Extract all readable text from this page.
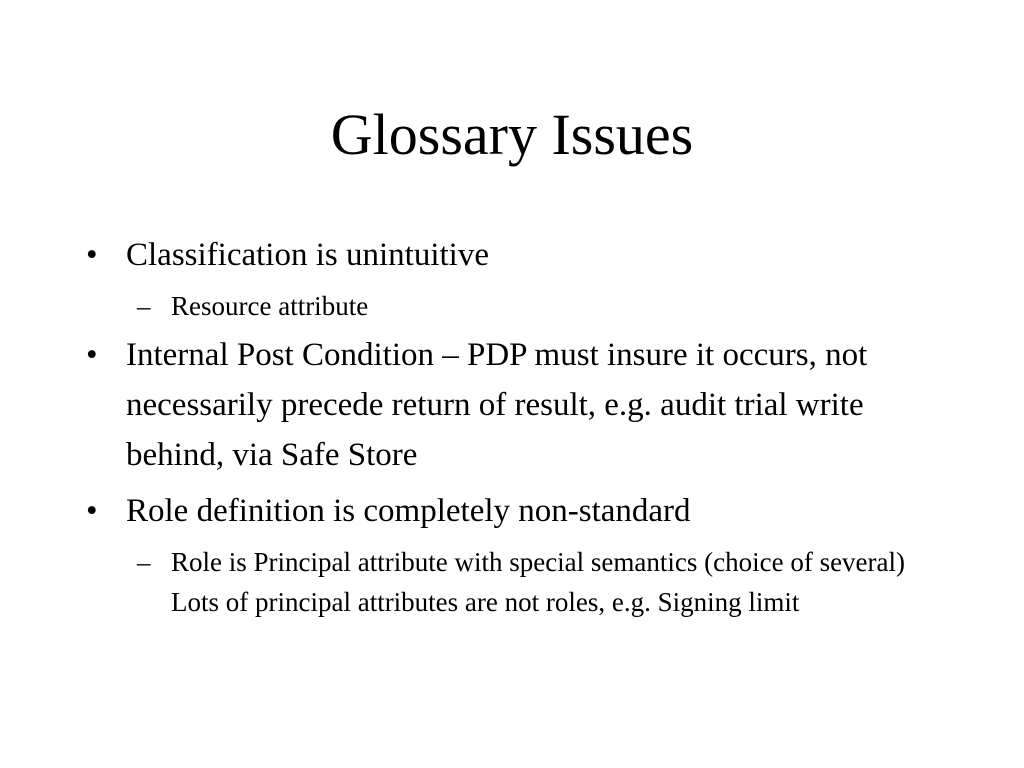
Glossary Issues
• Classification is unintuitive
– Resource attribute
• Internal Post Condition – PDP must insure it occurs, not necessarily precede return of result, e.g. audit trial write behind, via Safe Store
• Role definition is completely non-standard
– Role is Principal attribute with special semantics (choice of several) Lots of principal attributes are not roles, e.g. Signing limit
